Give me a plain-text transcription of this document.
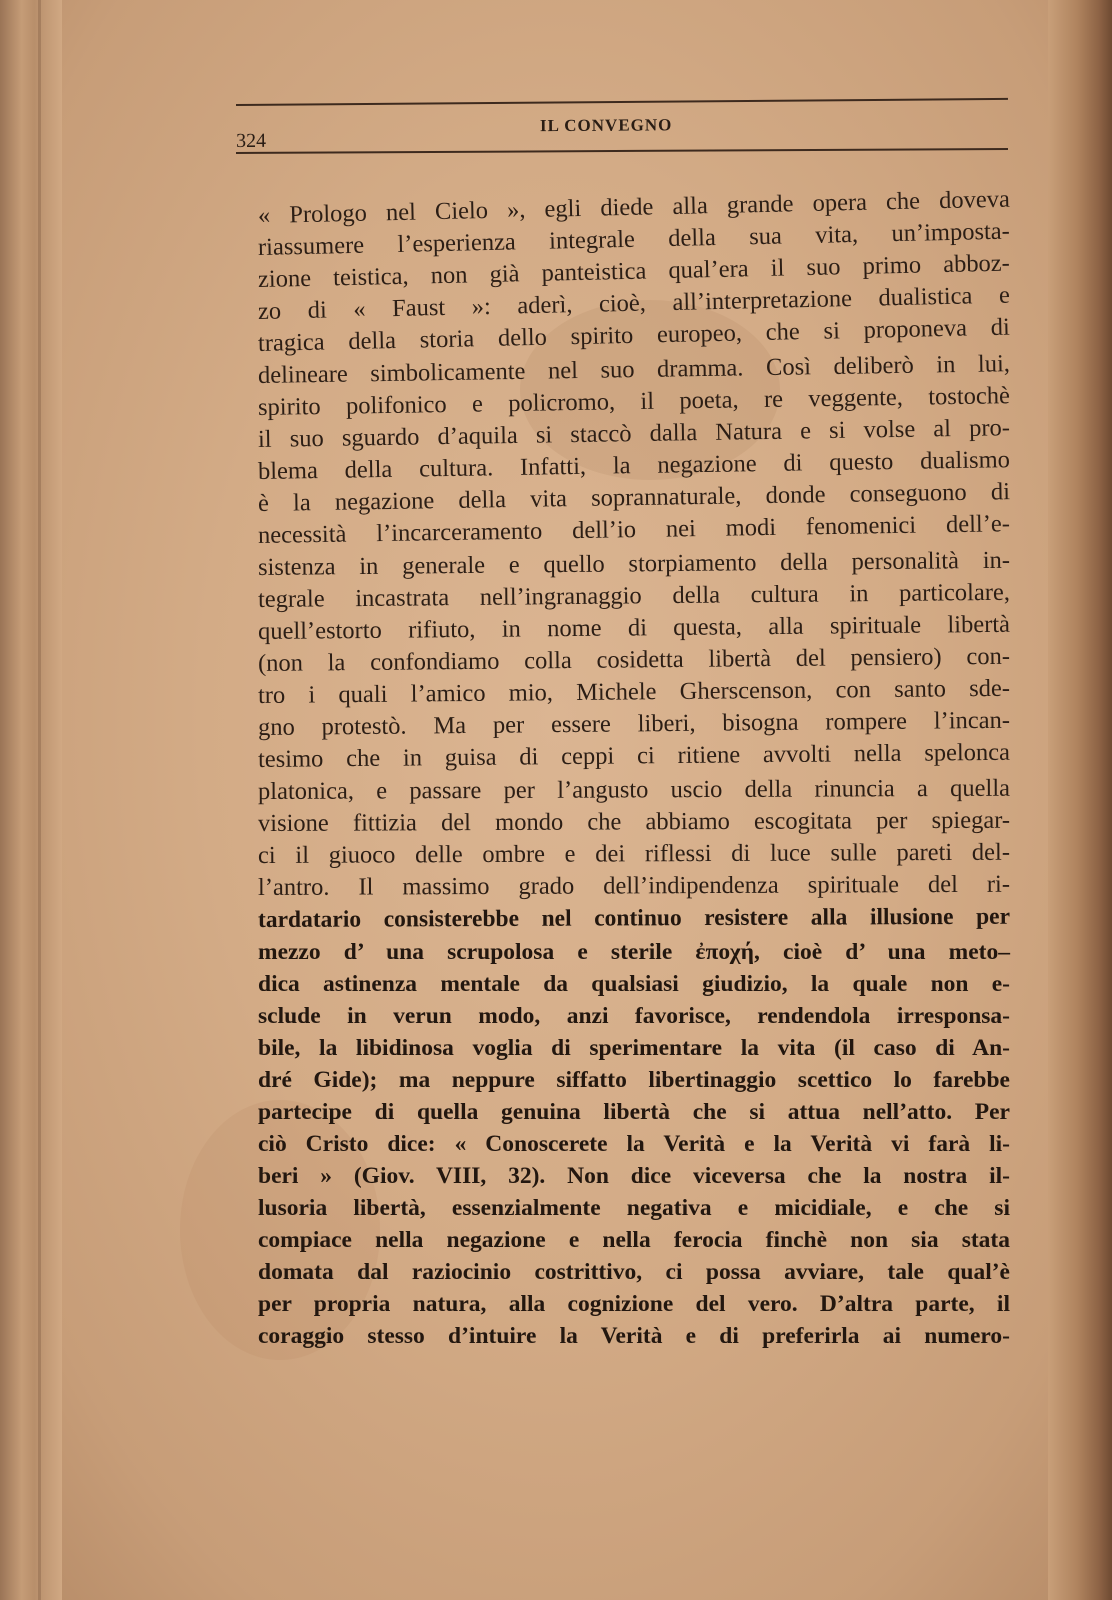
324
IL CONVEGNO
« Prologo nel Cielo », egli diede alla grande opera che doveva
riassumere l’esperienza integrale della sua vita, un’imposta-
zione teistica, non già panteistica qual’era il suo primo abboz-
zo di « Faust »: aderì, cioè, all’interpretazione dualistica e
tragica della storia dello spirito europeo, che si proponeva di
delineare simbolicamente nel suo dramma. Così deliberò in lui,
spirito polifonico e policromo, il poeta, re veggente, tostochè
il suo sguardo d’aquila si staccò dalla Natura e si volse al pro-
blema della cultura. Infatti, la negazione di questo dualismo
è la negazione della vita soprannaturale, donde conseguono di
necessità l’incarceramento dell’io nei modi fenomenici dell’e-
sistenza in generale e quello storpiamento della personalità in-
tegrale incastrata nell’ingranaggio della cultura in particolare,
quell’estorto rifiuto, in nome di questa, alla spirituale libertà
(non la confondiamo colla cosidetta libertà del pensiero) con-
tro i quali l’amico mio, Michele Gherscenson, con santo sde-
gno protestò. Ma per essere liberi, bisogna rompere l’incan-
tesimo che in guisa di ceppi ci ritiene avvolti nella spelonca
platonica, e passare per l’angusto uscio della rinuncia a quella
visione fittizia del mondo che abbiamo escogitata per spiegar-
ci il giuoco delle ombre e dei riflessi di luce sulle pareti del-
l’antro. Il massimo grado dell’indipendenza spirituale del ri-
tardatario consisterebbe nel continuo resistere alla illusione per
mezzo d’ una scrupolosa e sterile ἐποχή, cioè d’ una meto–
dica astinenza mentale da qualsiasi giudizio, la quale non e-
sclude in verun modo, anzi favorisce, rendendola irresponsa-
bile, la libidinosa voglia di sperimentare la vita (il caso di An-
dré Gide); ma neppure siffatto libertinaggio scettico lo farebbe
partecipe di quella genuina libertà che si attua nell’atto. Per
ciò Cristo dice: « Conoscerete la Verità e la Verità vi farà li-
beri » (Giov. VIII, 32). Non dice viceversa che la nostra il-
lusoria libertà, essenzialmente negativa e micidiale, e che si
compiace nella negazione e nella ferocia finchè non sia stata
domata dal raziocinio costrittivo, ci possa avviare, tale qual’è
per propria natura, alla cognizione del vero. D’altra parte, il
coraggio stesso d’intuire la Verità e di preferirla ai numero-
